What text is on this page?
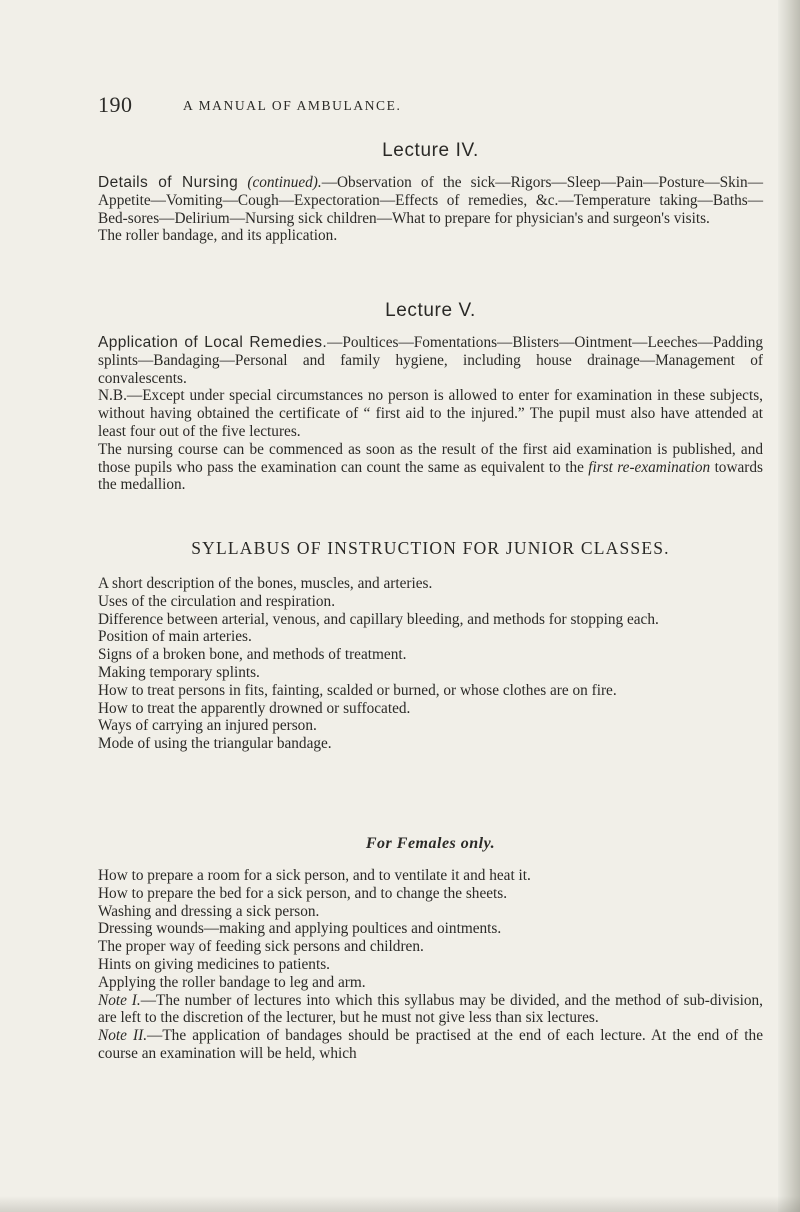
190	A MANUAL OF AMBULANCE.
Lecture IV.

Details of Nursing (continued).—Observation of the sick—Rigors—Sleep—Pain—Posture—Skin—Appetite—Vomiting—Cough—Expectoration—Effects of remedies, &c.—Temperature taking—Baths—Bed-sores—Delirium—Nursing sick children—What to prepare for physician's and surgeon's visits.

The roller bandage, and its application.

Lecture V.

Application of Local Remedies.—Poultices—Fomentations—Blisters—Ointment—Leeches—Padding splints—Bandaging—Personal and family hygiene, including house drainage—Management of convalescents.

N.B.—Except under special circumstances no person is allowed to enter for examination in these subjects, without having obtained the certificate of “ first aid to the injured.” The pupil must also have attended at least four out of the five lectures.

The nursing course can be commenced as soon as the result of the first aid examination is published, and those pupils who pass the examination can count the same as equivalent to the first re-examination towards the medallion.

SYLLABUS OF INSTRUCTION FOR JUNIOR CLASSES.

A short description of the bones, muscles, and arteries.

Uses of the circulation and respiration.

Difference between arterial, venous, and capillary bleeding, and methods for stopping each.

Position of main arteries.

Signs of a broken bone, and methods of treatment.

Making temporary splints.

How to treat persons in fits, fainting, scalded or burned, or whose clothes are on fire.

How to treat the apparently drowned or suffocated.

Ways of carrying an injured person.

Mode of using the triangular bandage.

For Females only.

How to prepare a room for a sick person, and to ventilate it and heat it.

How to prepare the bed for a sick person, and to change the sheets.

Washing and dressing a sick person.

Dressing wounds—making and applying poultices and ointments.

The proper way of feeding sick persons and children.

Hints on giving medicines to patients.

Applying the roller bandage to leg and arm.

Note I.—The number of lectures into which this syllabus may be divided, and the method of sub-division, are left to the discretion of the lecturer, but he must not give less than six lectures.

Note II.—The application of bandages should be practised at the end of each lecture. At the end of the course an examination will be held, which
